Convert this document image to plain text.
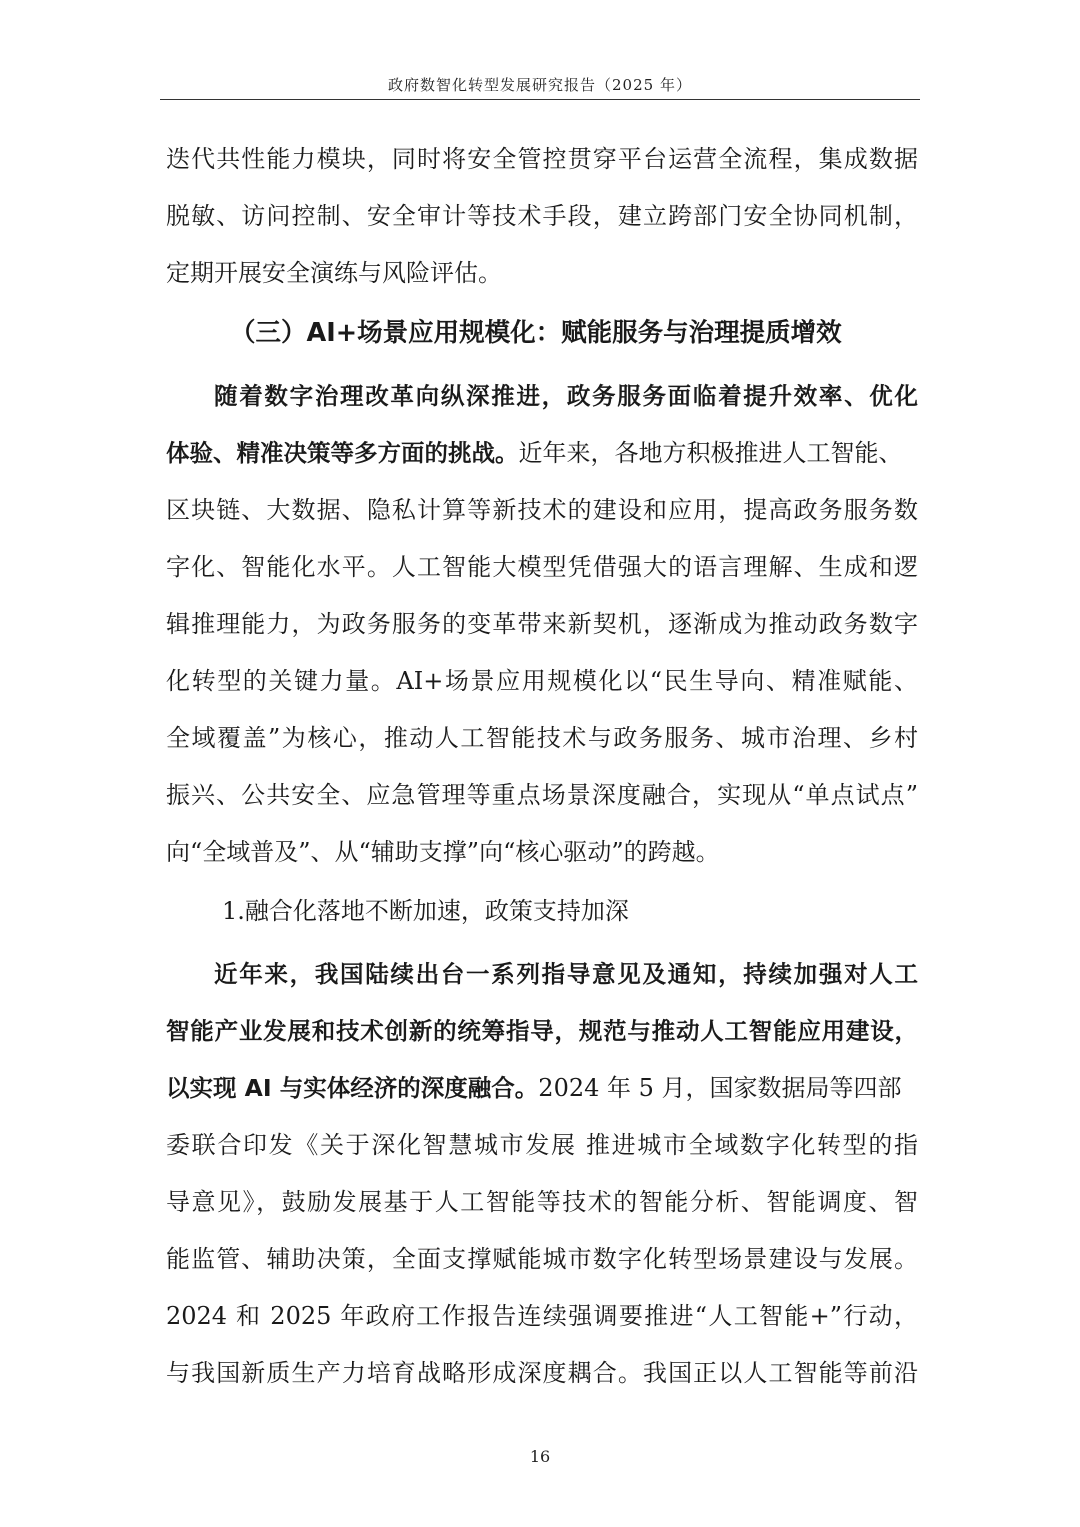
政府数智化转型发展研究报告（2025 年）
迭代共性能力模块，同时将安全管控贯穿平台运营全流程，集成数据
脱敏、访问控制、安全审计等技术手段，建立跨部门安全协同机制，
定期开展安全演练与风险评估。
（三）AI+场景应用规模化：赋能服务与治理提质增效
随着数字治理改革向纵深推进，政务服务面临着提升效率、优化
体验、精准决策等多方面的挑战。近年来，各地方积极推进人工智能、
区块链、大数据、隐私计算等新技术的建设和应用，提高政务服务数
字化、智能化水平。人工智能大模型凭借强大的语言理解、生成和逻
辑推理能力，为政务服务的变革带来新契机，逐渐成为推动政务数字
化转型的关键力量。AI+场景应用规模化以“民生导向、精准赋能、
全域覆盖”为核心，推动人工智能技术与政务服务、城市治理、乡村
振兴、公共安全、应急管理等重点场景深度融合，实现从“单点试点”
向“全域普及”、从“辅助支撑”向“核心驱动”的跨越。
1.融合化落地不断加速，政策支持加深
近年来，我国陆续出台一系列指导意见及通知，持续加强对人工
智能产业发展和技术创新的统筹指导，规范与推动人工智能应用建设，
以实现 AI 与实体经济的深度融合。2024 年 5 月，国家数据局等四部
委联合印发《关于深化智慧城市发展 推进城市全域数字化转型的指
导意见》，鼓励发展基于人工智能等技术的智能分析、智能调度、智
能监管、辅助决策，全面支撑赋能城市数字化转型场景建设与发展。
2024 和 2025 年政府工作报告连续强调要推进“人工智能+”行动，
与我国新质生产力培育战略形成深度耦合。我国正以人工智能等前沿
16
